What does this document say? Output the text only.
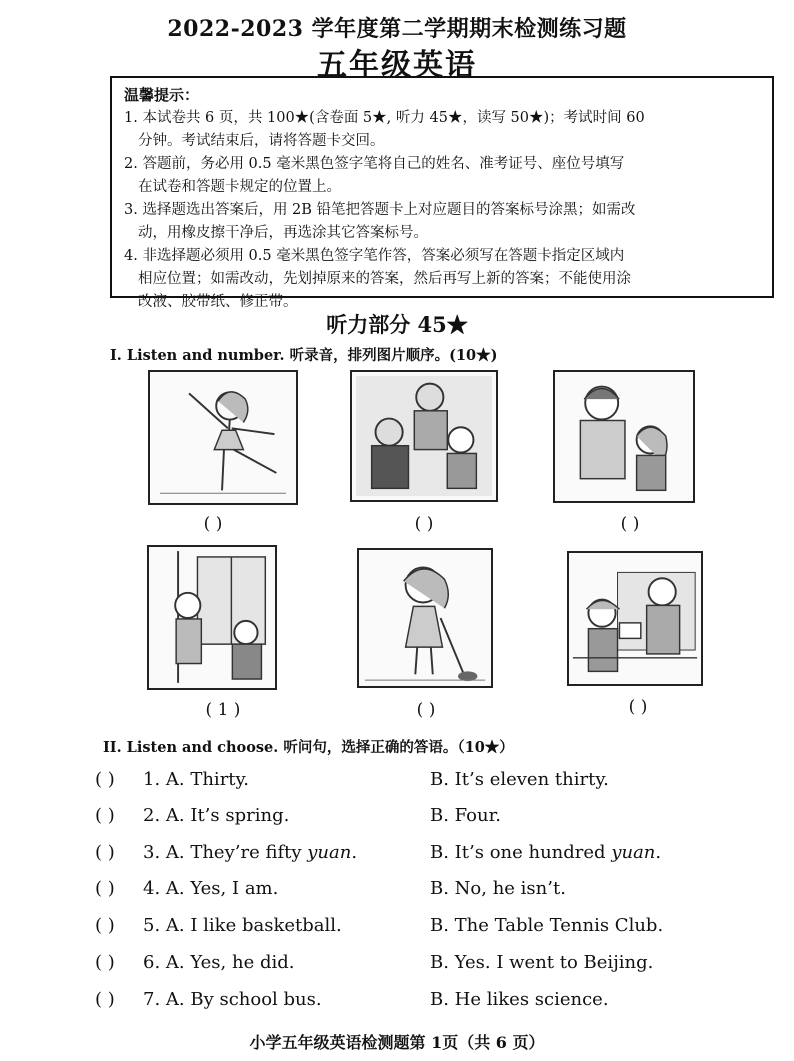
2022-2023 学年度第二学期期末检测练习题
五年级英语
温馨提示：
1. 本试卷共 6 页，共 100★(含卷面 5★, 听力 45★，读写 50★)；考试时间 60
分钟。考试结束后，请将答题卡交回。
2. 答题前，务必用 0.5 毫米黑色签字笔将自己的姓名、准考证号、座位号填写
在试卷和答题卡规定的位置上。
3. 选择题选出答案后，用 2B 铅笔把答题卡上对应题目的答案标号涂黑；如需改
动，用橡皮擦干净后，再选涂其它答案标号。
4. 非选择题必须用 0.5 毫米黑色签字笔作答，答案必须写在答题卡指定区域内
相应位置；如需改动，先划掉原来的答案，然后再写上新的答案；不能使用涂
改液、胶带纸、修正带。
听力部分 45★
I. Listen and number. 听录音，排列图片顺序。(10★)
( )	( )	( )
( 1 )	( )	( )
II. Listen and choose. 听问句，选择正确的答语。（10★）
( ) 1. A. Thirty.	B. It’s eleven thirty.
( ) 2. A. It’s spring.	B. Four.
( ) 3. A. They’re fifty yuan.	B. It’s one hundred yuan.
( ) 4. A. Yes, I am.	B. No, he isn’t.
( ) 5. A. I like basketball.	B. The Table Tennis Club.
( ) 6. A. Yes, he did.	B. Yes. I went to Beijing.
( ) 7. A. By school bus.	B. He likes science.
小学五年级英语检测题第 1页（共 6 页）
